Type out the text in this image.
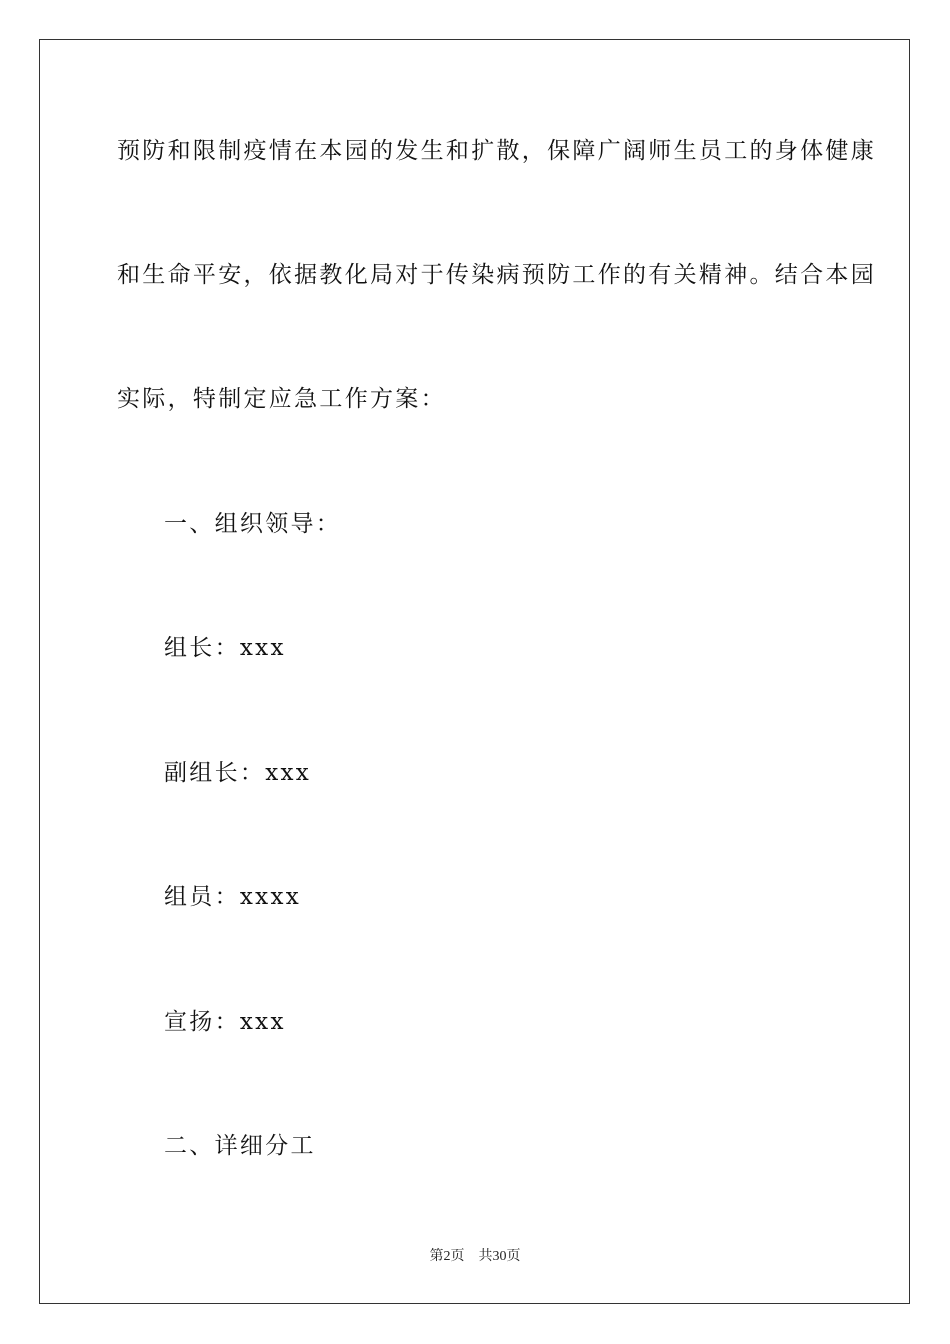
预防和限制疫情在本园的发生和扩散，保障广阔师生员工的身体健康
和生命平安，依据教化局对于传染病预防工作的有关精神。结合本园
实际，特制定应急工作方案：
一、组织领导：
组长：xxx
副组长：xxx
组员：xxxx
宣扬：xxx
二、详细分工
第2页 共30页
